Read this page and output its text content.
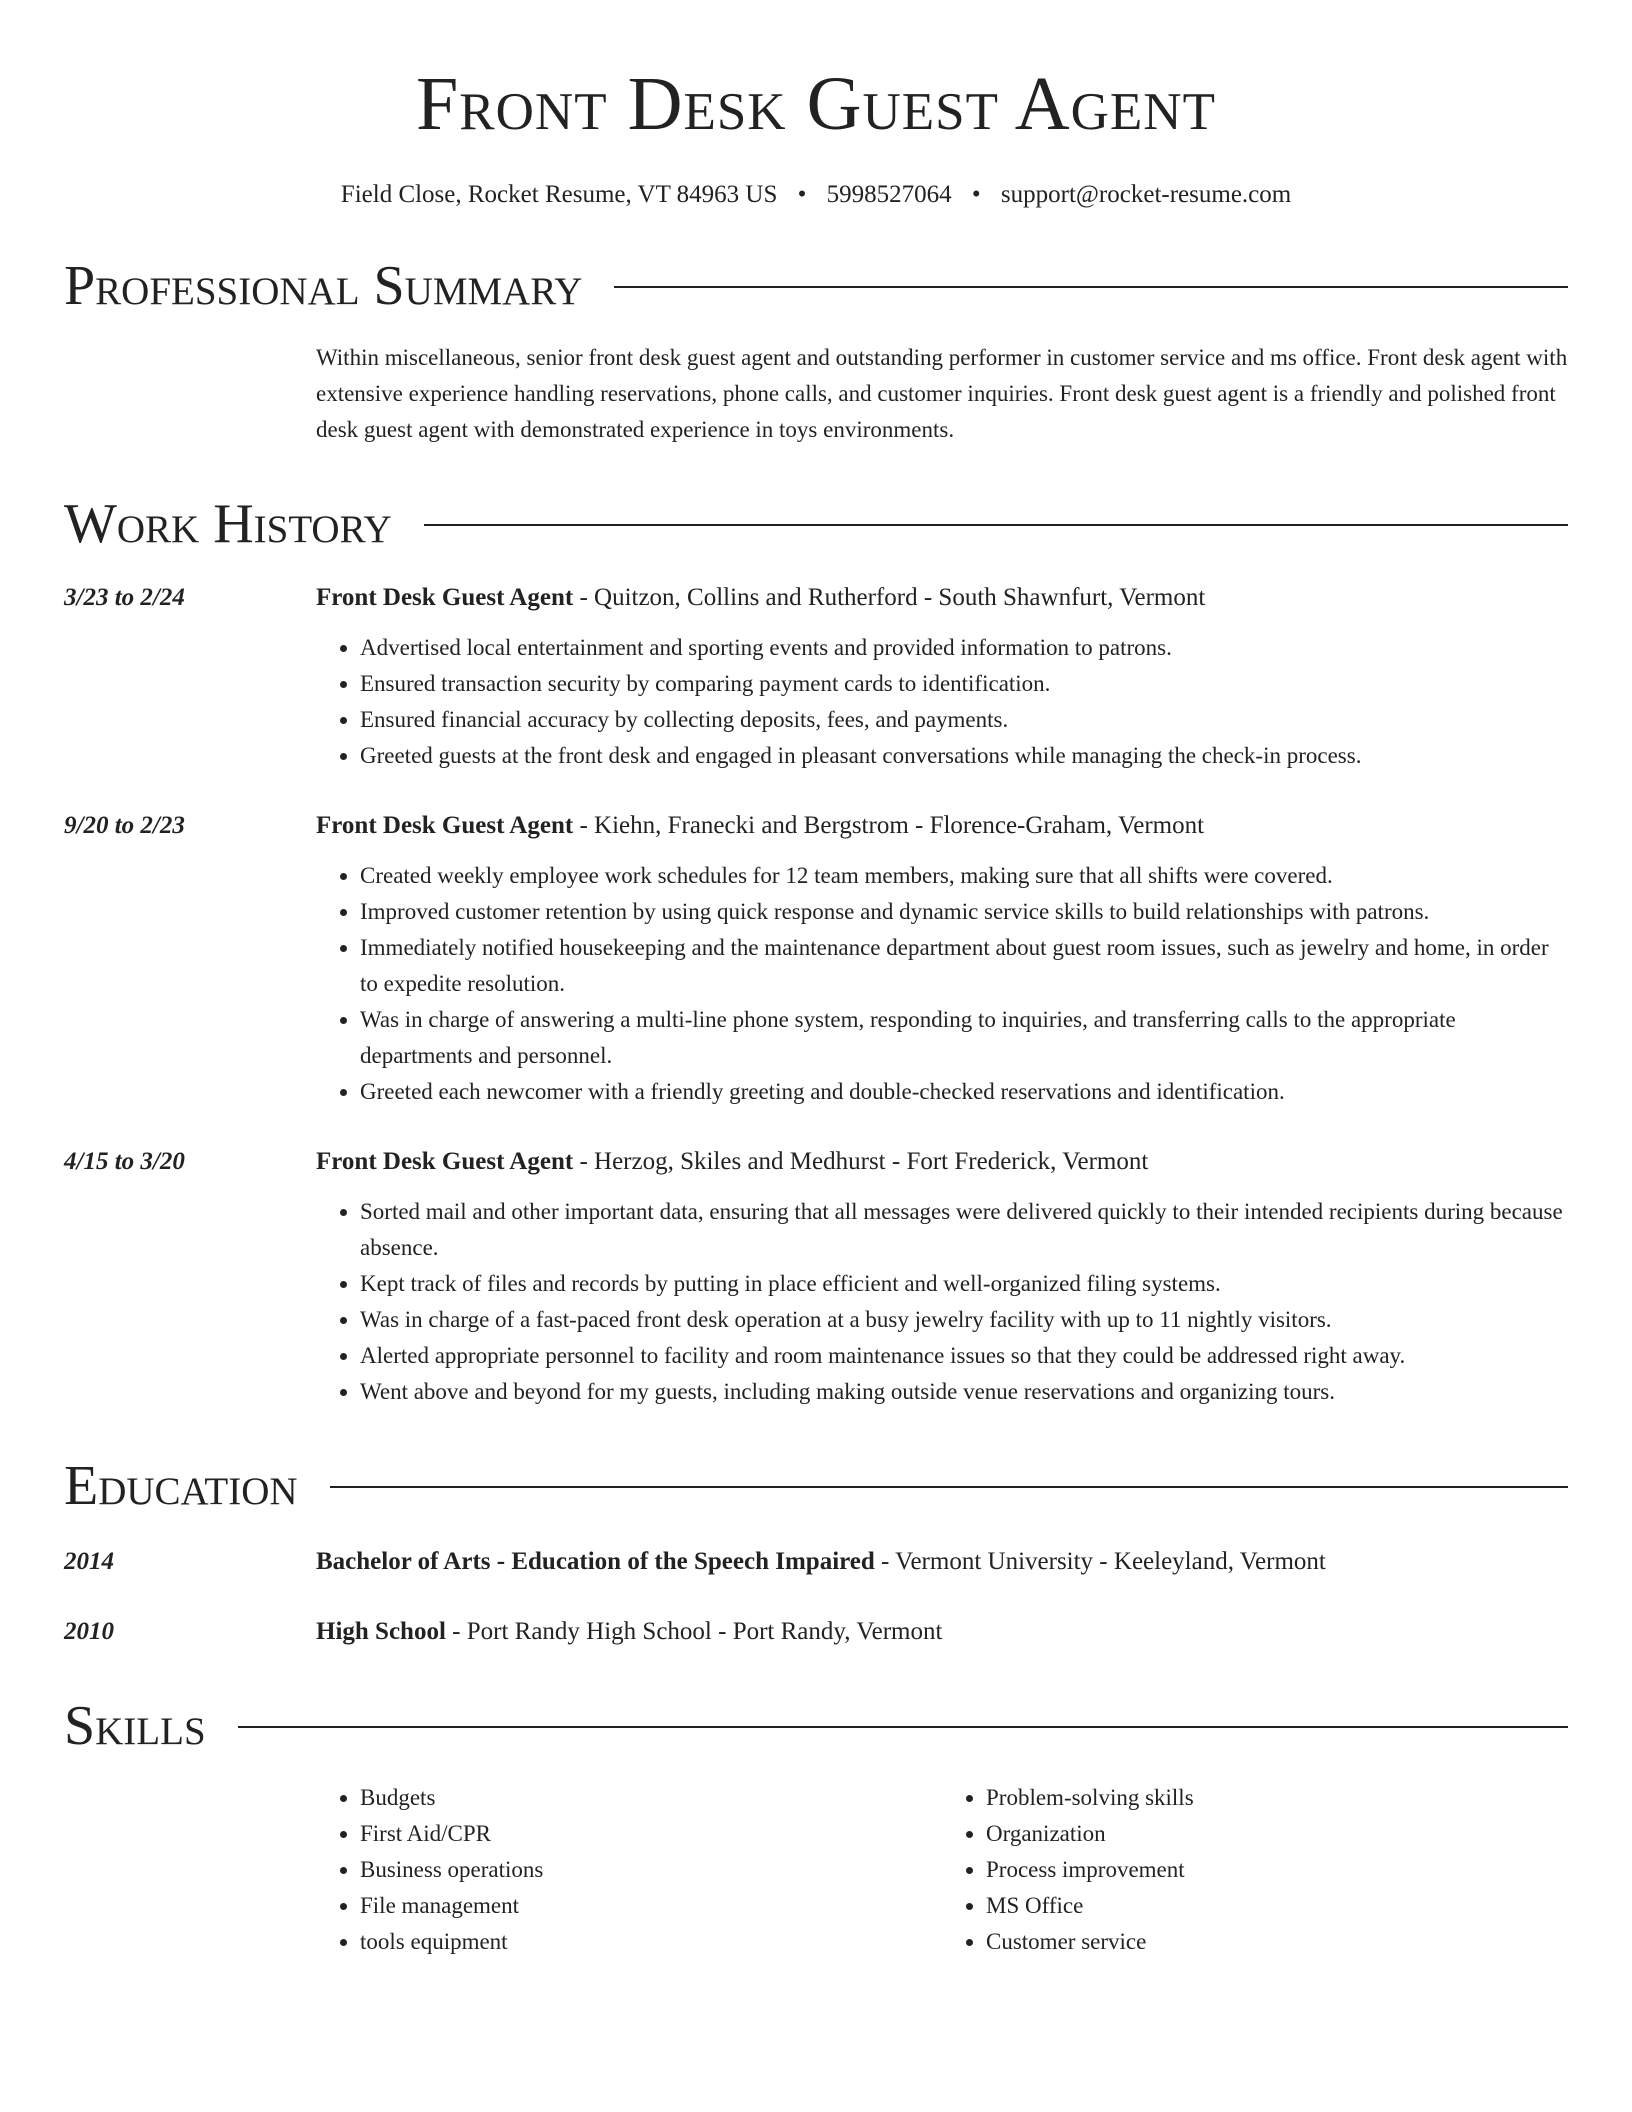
Front Desk Guest Agent
Field Close, Rocket Resume, VT 84963 US • 5998527064 • support@rocket-resume.com
Professional Summary
Within miscellaneous, senior front desk guest agent and outstanding performer in customer service and ms office. Front desk agent with extensive experience handling reservations, phone calls, and customer inquiries. Front desk guest agent is a friendly and polished front desk guest agent with demonstrated experience in toys environments.
Work History
3/23 to 2/24	Front Desk Guest Agent - Quitzon, Collins and Rutherford - South Shawnfurt, Vermont
• Advertised local entertainment and sporting events and provided information to patrons.
• Ensured transaction security by comparing payment cards to identification.
• Ensured financial accuracy by collecting deposits, fees, and payments.
• Greeted guests at the front desk and engaged in pleasant conversations while managing the check-in process.
9/20 to 2/23	Front Desk Guest Agent - Kiehn, Franecki and Bergstrom - Florence-Graham, Vermont
• Created weekly employee work schedules for 12 team members, making sure that all shifts were covered.
• Improved customer retention by using quick response and dynamic service skills to build relationships with patrons.
• Immediately notified housekeeping and the maintenance department about guest room issues, such as jewelry and home, in order to expedite resolution.
• Was in charge of answering a multi-line phone system, responding to inquiries, and transferring calls to the appropriate departments and personnel.
• Greeted each newcomer with a friendly greeting and double-checked reservations and identification.
4/15 to 3/20	Front Desk Guest Agent - Herzog, Skiles and Medhurst - Fort Frederick, Vermont
• Sorted mail and other important data, ensuring that all messages were delivered quickly to their intended recipients during because absence.
• Kept track of files and records by putting in place efficient and well-organized filing systems.
• Was in charge of a fast-paced front desk operation at a busy jewelry facility with up to 11 nightly visitors.
• Alerted appropriate personnel to facility and room maintenance issues so that they could be addressed right away.
• Went above and beyond for my guests, including making outside venue reservations and organizing tours.
Education
2014	Bachelor of Arts - Education of the Speech Impaired - Vermont University - Keeleyland, Vermont
2010	High School - Port Randy High School - Port Randy, Vermont
Skills
• Budgets
• First Aid/CPR
• Business operations
• File management
• tools equipment
• Problem-solving skills
• Organization
• Process improvement
• MS Office
• Customer service
